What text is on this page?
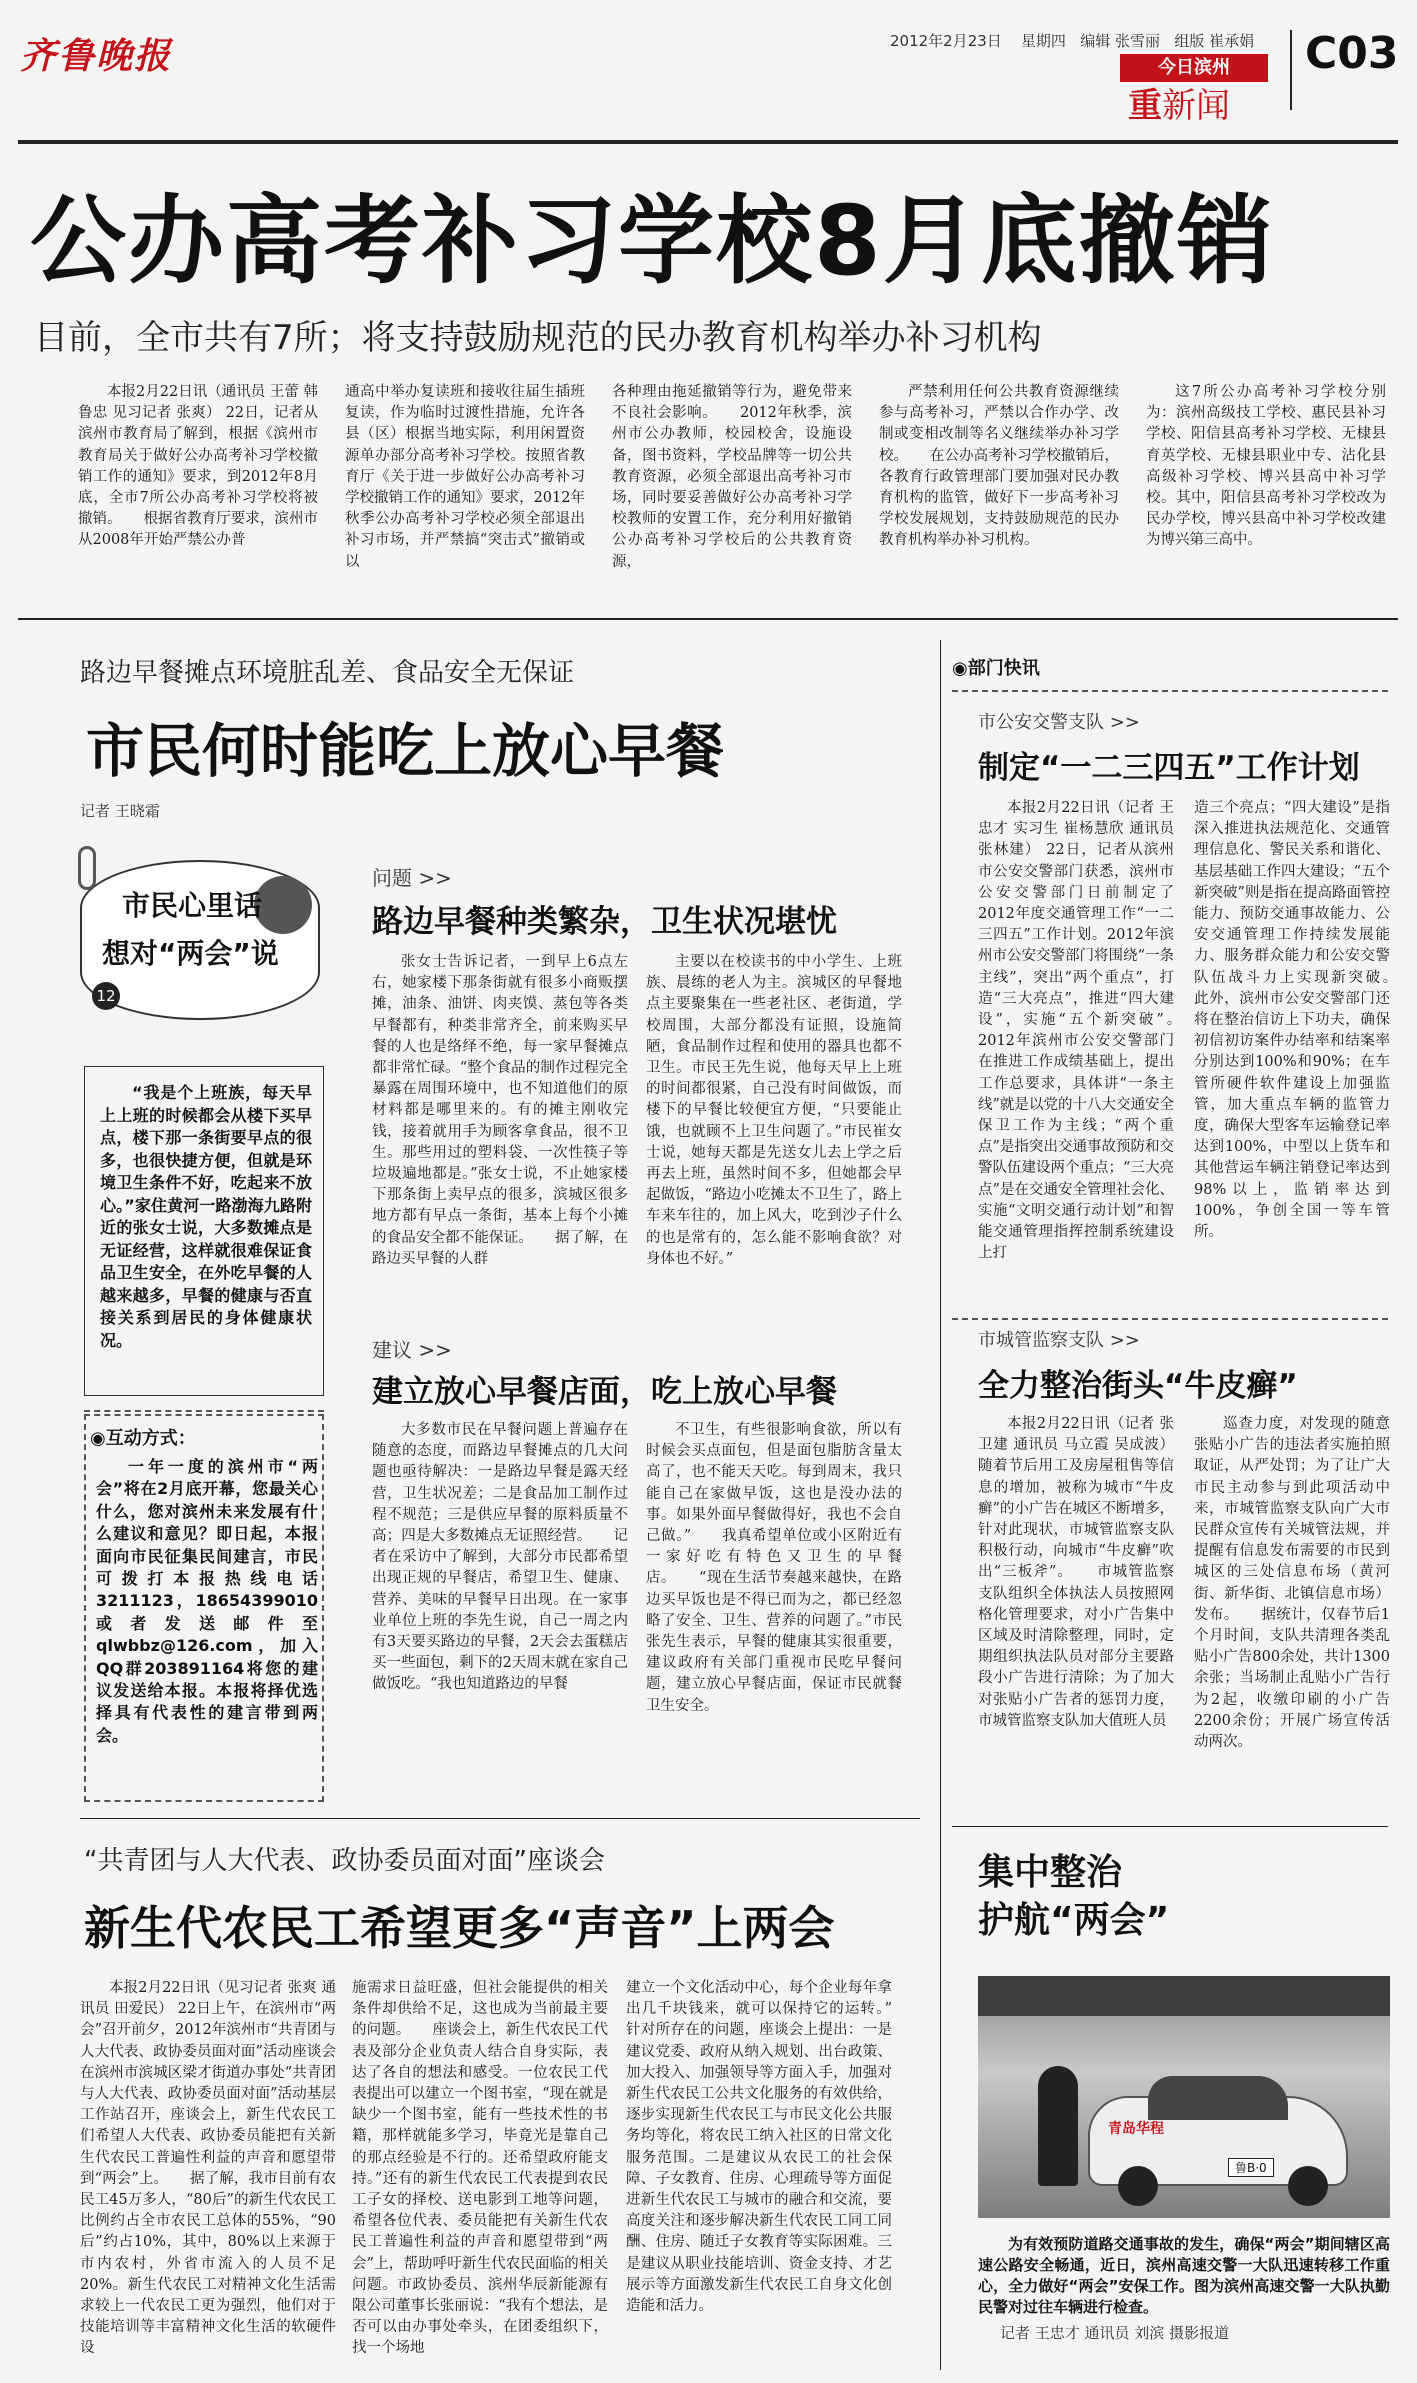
齐鲁晚报	2012年2月23日 星期四 编辑 张雪丽 组版 崔承娟
今日滨州
重新闻
C03
公办高考补习学校8月底撤销
目前，全市共有7所；将支持鼓励规范的民办教育机构举办补习机构
本报2月22日讯（通讯员 王蕾 韩鲁忠 见习记者 张爽） 22日，记者从滨州市教育局了解到，根据《滨州市教育局关于做好公办高考补习学校撤销工作的通知》要求，到2012年8月底，全市7所公办高考补习学校将被撤销。　　根据省教育厅要求，滨州市从2008年开始严禁公办普
通高中举办复读班和接收往届生插班复读，作为临时过渡性措施，允许各县（区）根据当地实际，利用闲置资源单办部分高考补习学校。按照省教育厅《关于进一步做好公办高考补习学校撤销工作的通知》要求，2012年秋季公办高考补习学校必须全部退出补习市场，并严禁搞“突击式”撤销或以
各种理由拖延撤销等行为，避免带来不良社会影响。　　2012年秋季，滨州市公办教师，校园校舍，设施设备，图书资料，学校品牌等一切公共教育资源，必须全部退出高考补习市场，同时要妥善做好公办高考补习学校教师的安置工作，充分利用好撤销公办高考补习学校后的公共教育资源，
严禁利用任何公共教育资源继续参与高考补习，严禁以合作办学、改制或变相改制等名义继续举办补习学校。　　在公办高考补习学校撤销后，各教育行政管理部门要加强对民办教育机构的监管，做好下一步高考补习学校发展规划，支持鼓励规范的民办教育机构举办补习机构。
这7所公办高考补习学校分别为：滨州高级技工学校、惠民县补习学校、阳信县高考补习学校、无棣县育英学校、无棣县职业中专、沾化县高级补习学校、博兴县高中补习学校。其中，阳信县高考补习学校改为民办学校，博兴县高中补习学校改建为博兴第三高中。
路边早餐摊点环境脏乱差、食品安全无保证
市民何时能吃上放心早餐
记者 王晓霜
市民心里话
想对“两会”说
12
“我是个上班族，每天早上上班的时候都会从楼下买早点，楼下那一条街要早点的很多，也很快捷方便，但就是环境卫生条件不好，吃起来不放心。”家住黄河一路渤海九路附近的张女士说，大多数摊点是无证经营，这样就很难保证食品卫生安全，在外吃早餐的人越来越多，早餐的健康与否直接关系到居民的身体健康状况。
◉互动方式：
一年一度的滨州市“两会”将在2月底开幕，您最关心什么，您对滨州未来发展有什么建议和意见？即日起，本报面向市民征集民间建言，市民可拨打本报热线电话3211123，18654399010或者发送邮件至qlwbbz@126.com，加入QQ群203891164将您的建议发送给本报。本报将择优选择具有代表性的建言带到两会。
问题 >>
路边早餐种类繁杂，卫生状况堪忧
张女士告诉记者，一到早上6点左右，她家楼下那条街就有很多小商贩摆摊，油条、油饼、肉夹馍、蒸包等各类早餐都有，种类非常齐全，前来购买早餐的人也是络绎不绝，每一家早餐摊点都非常忙碌。“整个食品的制作过程完全暴露在周围环境中，也不知道他们的原材料都是哪里来的。有的摊主刚收完钱，接着就用手为顾客拿食品，很不卫生。那些用过的塑料袋、一次性筷子等垃圾遍地都是。”张女士说，不止她家楼下那条街上卖早点的很多，滨城区很多地方都有早点一条街，基本上每个小摊的食品安全都不能保证。　　据了解，在路边买早餐的人群
主要以在校读书的中小学生、上班族、晨练的老人为主。滨城区的早餐地点主要聚集在一些老社区、老街道，学校周围，大部分都没有证照，设施简陋，食品制作过程和使用的器具也都不卫生。市民王先生说，他每天早上上班的时间都很紧，自己没有时间做饭，而楼下的早餐比较便宜方便，“只要能止饿，也就顾不上卫生问题了。”市民崔女士说，她每天都是先送女儿去上学之后再去上班，虽然时间不多，但她都会早起做饭，“路边小吃摊太不卫生了，路上车来车往的，加上风大，吃到沙子什么的也是常有的，怎么能不影响食欲？对身体也不好。”
建议 >>
建立放心早餐店面，吃上放心早餐
大多数市民在早餐问题上普遍存在随意的态度，而路边早餐摊点的几大问题也亟待解决：一是路边早餐是露天经营，卫生状况差；二是食品加工制作过程不规范；三是供应早餐的原料质量不高；四是大多数摊点无证照经营。　　记者在采访中了解到，大部分市民都希望出现正规的早餐店，希望卫生、健康、营养、美味的早餐早日出现。在一家事业单位上班的李先生说，自己一周之内有3天要买路边的早餐，2天会去蛋糕店买一些面包，剩下的2天周末就在家自己做饭吃。“我也知道路边的早餐
不卫生，有些很影响食欲，所以有时候会买点面包，但是面包脂肪含量太高了，也不能天天吃。每到周末，我只能自己在家做早饭，这也是没办法的事。如果外面早餐做得好，我也不会自己做。”　　我真希望单位或小区附近有一家好吃有特色又卫生的早餐店。　　“现在生活节奏越来越快，在路边买早饭也是不得已而为之，都已经忽略了安全、卫生、营养的问题了。”市民张先生表示，早餐的健康其实很重要，建议政府有关部门重视市民吃早餐问题，建立放心早餐店面，保证市民就餐卫生安全。
“共青团与人大代表、政协委员面对面”座谈会
新生代农民工希望更多“声音”上两会
本报2月22日讯（见习记者 张爽 通讯员 田爱民） 22日上午，在滨州市“两会”召开前夕，2012年滨州市“共青团与人大代表、政协委员面对面”活动座谈会在滨州市滨城区梁才街道办事处“共青团与人大代表、政协委员面对面”活动基层工作站召开，座谈会上，新生代农民工们希望人大代表、政协委员能把有关新生代农民工普遍性利益的声音和愿望带到“两会”上。　　据了解，我市目前有农民工45万多人，“80后”的新生代农民工比例约占全市农民工总体的55%，“90后”约占10%，其中，80%以上来源于市内农村，外省市流入的人员不足20%。新生代农民工对精神文化生活需求较上一代农民工更为强烈，他们对于技能培训等丰富精神文化生活的软硬件设
施需求日益旺盛，但社会能提供的相关条件却供给不足，这也成为当前最主要的问题。　　座谈会上，新生代农民工代表及部分企业负责人结合自身实际，表达了各自的想法和感受。一位农民工代表提出可以建立一个图书室，“现在就是缺少一个图书室，能有一些技术性的书籍，那样就能多学习，毕竟光是靠自己的那点经验是不行的。还希望政府能支持。”还有的新生代农民工代表提到农民工子女的择校、送电影到工地等问题，希望各位代表、委员能把有关新生代农民工普遍性利益的声音和愿望带到“两会”上，帮助呼吁新生代农民面临的相关问题。市政协委员、滨州华辰新能源有限公司董事长张丽说：“我有个想法，是否可以由办事处牵头，在团委组织下，找一个场地
建立一个文化活动中心，每个企业每年拿出几千块钱来，就可以保持它的运转。”　　针对所存在的问题，座谈会上提出：一是建议党委、政府从纳入规划、出台政策、加大投入、加强领导等方面入手，加强对新生代农民工公共文化服务的有效供给，逐步实现新生代农民工与市民文化公共服务均等化，将农民工纳入社区的日常文化服务范围。二是建议从农民工的社会保障、子女教育、住房、心理疏导等方面促进新生代农民工与城市的融合和交流，要高度关注和逐步解决新生代农民工同工同酬、住房、随迁子女教育等实际困难。三是建议从职业技能培训、资金支持、才艺展示等方面激发新生代农民工自身文化创造能和活力。
◉部门快讯
市公安交警支队 >>
制定“一二三四五”工作计划
本报2月22日讯（记者 王忠才 实习生 崔杨慧欣 通讯员 张林建） 22日，记者从滨州市公安交警部门获悉，滨州市公安交警部门日前制定了2012年度交通管理工作“一二三四五”工作计划。2012年滨州市公安交警部门将围绕“一条主线”，突出“两个重点”，打造“三大亮点”，推进“四大建设”，实施“五个新突破”。　　2012年滨州市公安交警部门在推进工作成绩基础上，提出工作总要求，具体讲“一条主线”就是以党的十八大交通安全保卫工作为主线；“两个重点”是指突出交通事故预防和交警队伍建设两个重点；“三大亮点”是在交通安全管理社会化、实施“文明交通行动计划”和智能交通管理指挥控制系统建设上打
造三个亮点；“四大建设”是指深入推进执法规范化、交通管理信息化、警民关系和谐化、基层基础工作四大建设；“五个新突破”则是指在提高路面管控能力、预防交通事故能力、公安交通管理工作持续发展能力、服务群众能力和公安交警队伍战斗力上实现新突破。　　此外，滨州市公安交警部门还将在整治信访上下功夫，确保初信初访案件办结率和结案率分别达到100%和90%；在车管所硬件软件建设上加强监管，加大重点车辆的监管力度，确保大型客车运输登记率达到100%，中型以上货车和其他营运车辆注销登记率达到98%以上，监销率达到100%，争创全国一等车管所。
市城管监察支队 >>
全力整治街头“牛皮癣”
本报2月22日讯（记者 张卫建 通讯员 马立霞 吴成波） 随着节后用工及房屋租售等信息的增加，被称为城市“牛皮癣”的小广告在城区不断增多，针对此现状，市城管监察支队积极行动，向城市“牛皮癣”吹出“三板斧”。　　市城管监察支队组织全体执法人员按照网格化管理要求，对小广告集中区域及时清除整理，同时，定期组织执法队员对部分主要路段小广告进行清除；为了加大对张贴小广告者的惩罚力度，市城管监察支队加大值班人员
巡查力度，对发现的随意张贴小广告的违法者实施拍照取证，从严处罚；为了让广大市民主动参与到此项活动中来，市城管监察支队向广大市民群众宣传有关城管法规，并提醒有信息发布需要的市民到城区的三处信息布场（黄河街、新华街、北镇信息市场）发布。　　据统计，仅春节后1个月时间，支队共清理各类乱贴小广告800余处，共计1300余张；当场制止乱贴小广告行为2起，收缴印刷的小广告2200余份；开展广场宣传活动两次。
集中整治
护航“两会”
青岛华程
鲁B·0
为有效预防道路交通事故的发生，确保“两会”期间辖区高速公路安全畅通，近日，滨州高速交警一大队迅速转移工作重心，全力做好“两会”安保工作。图为滨州高速交警一大队执勤民警对过往车辆进行检查。
记者 王忠才 通讯员 刘滨 摄影报道
